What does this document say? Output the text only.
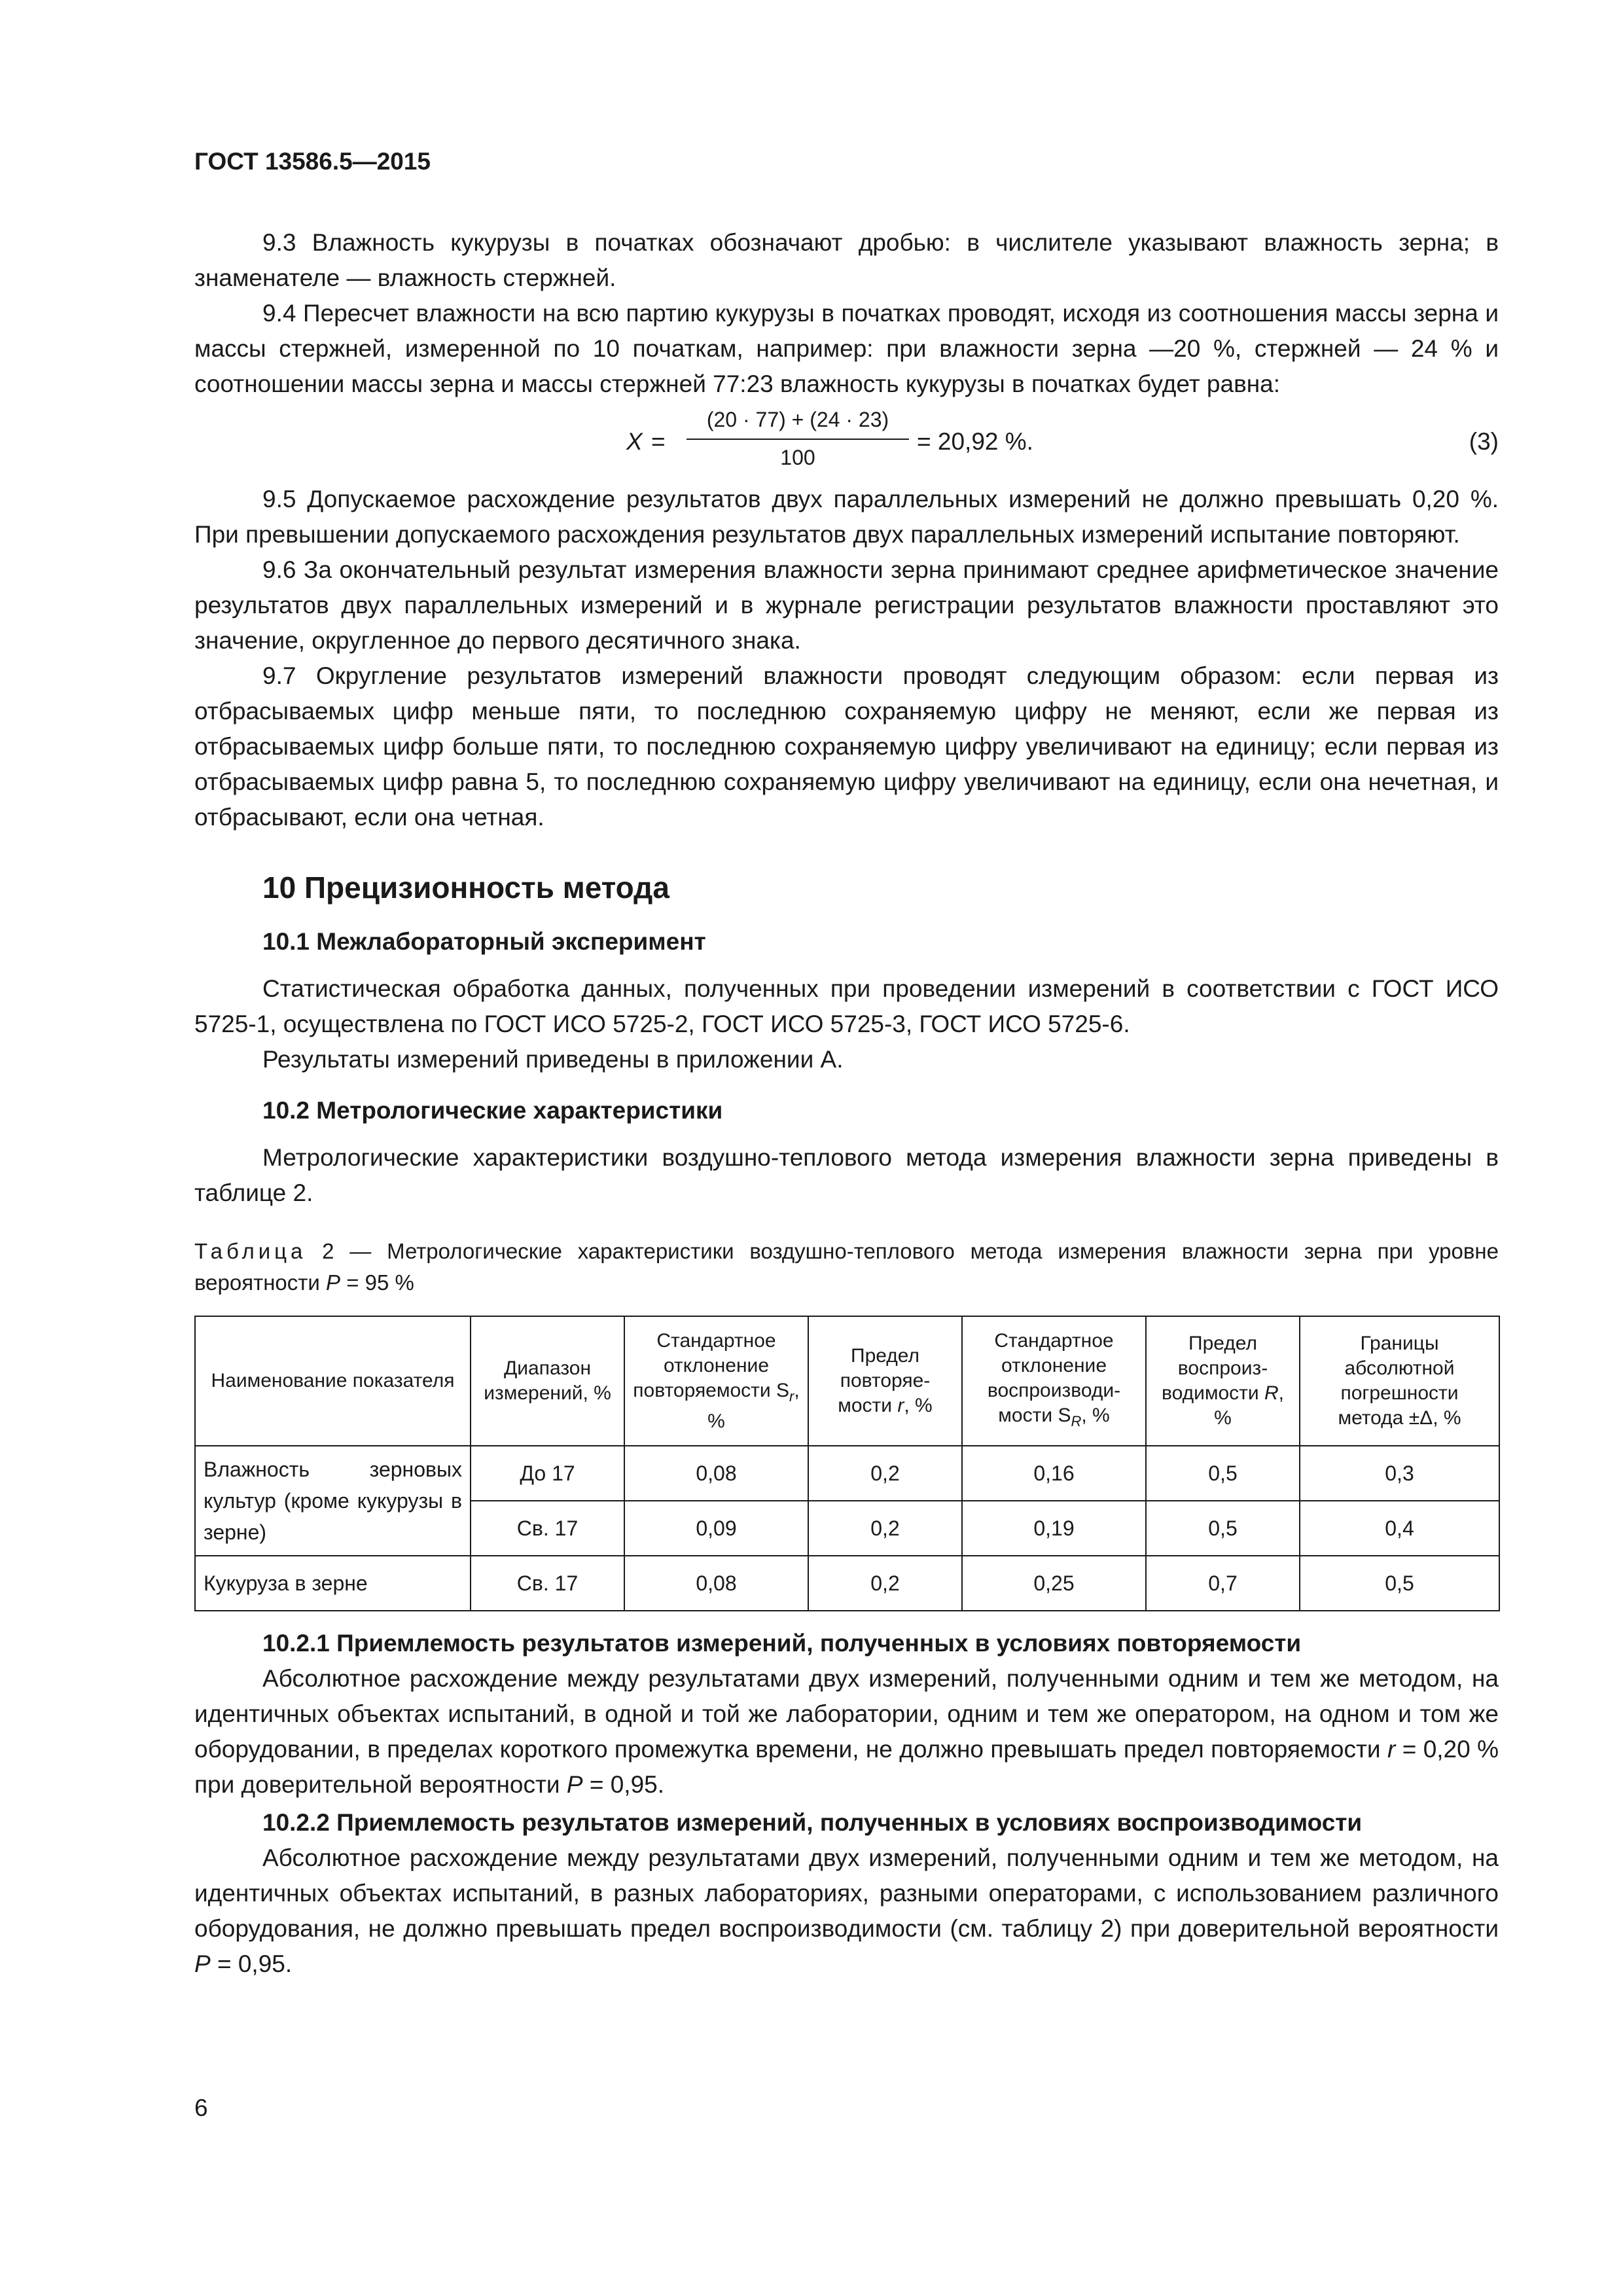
ГОСТ 13586.5—2015

9.3 Влажность кукурузы в початках обозначают дробью: в числителе указывают влажность зерна; в знаменателе — влажность стержней.

9.4 Пересчет влажности на всю партию кукурузы в початках проводят, исходя из соотношения массы зерна и массы стержней, измеренной по 10 початкам, например: при влажности зерна —20 %, стержней — 24 % и соотношении массы зерна и массы стержней 77:23 влажность кукурузы в початках будет равна:

X =
(20 · 77) + (24 · 23)
100
= 20,92 %.	(3)

9.5 Допускаемое расхождение результатов двух параллельных измерений не должно превышать 0,20 %. При превышении допускаемого расхождения результатов двух параллельных измерений испытание повторяют.

9.6 За окончательный результат измерения влажности зерна принимают среднее арифметическое значение результатов двух параллельных измерений и в журнале регистрации результатов влажности проставляют это значение, округленное до первого десятичного знака.

9.7 Округление результатов измерений влажности проводят следующим образом: если первая из отбрасываемых цифр меньше пяти, то последнюю сохраняемую цифру не меняют, если же первая из отбрасываемых цифр больше пяти, то последнюю сохраняемую цифру увеличивают на единицу; если первая из отбрасываемых цифр равна 5, то последнюю сохраняемую цифру увеличивают на единицу, если она нечетная, и отбрасывают, если она четная.

10 Прецизионность метода
10.1 Межлабораторный эксперимент

Статистическая обработка данных, полученных при проведении измерений в соответствии с ГОСТ ИСО 5725-1, осуществлена по ГОСТ ИСО 5725-2, ГОСТ ИСО 5725-3, ГОСТ ИСО 5725-6.

Результаты измерений приведены в приложении А.

10.2 Метрологические характеристики

Метрологические характеристики воздушно-теплового метода измерения влажности зерна приведены в таблице 2.

Таблица 2 — Метрологические характеристики воздушно-теплового метода измерения влажности зерна при уровне вероятности P = 95 %
Наименование показателя	Диапазон измерений, %	Стандартное отклонение повторяемости $S_r$, %	Предел повторяе-мости r, %	Стандартное отклонение воспроизводи-мости $S_R$, %	Предел воспроиз-водимости R, %	Границы абсолютной погрешности метода ±Δ, %
Влажность зерновых культур (кроме кукурузы в зерне)	До 17	0,08	0,2	0,16	0,5	0,3
	Св. 17	0,09	0,2	0,19	0,5	0,4
Кукуруза в зерне	Св. 17	0,08	0,2	0,25	0,7	0,5
10.2.1 Приемлемость результатов измерений, полученных в условиях повторяемости

Абсолютное расхождение между результатами двух измерений, полученными одним и тем же методом, на идентичных объектах испытаний, в одной и той же лаборатории, одним и тем же оператором, на одном и том же оборудовании, в пределах короткого промежутка времени, не должно превышать предел повторяемости r = 0,20 % при доверительной вероятности P = 0,95.

10.2.2 Приемлемость результатов измерений, полученных в условиях воспроизводимости

Абсолютное расхождение между результатами двух измерений, полученными одним и тем же методом, на идентичных объектах испытаний, в разных лабораториях, разными операторами, с использованием различного оборудования, не должно превышать предел воспроизводимости (см. таблицу 2) при доверительной вероятности P = 0,95.

6
